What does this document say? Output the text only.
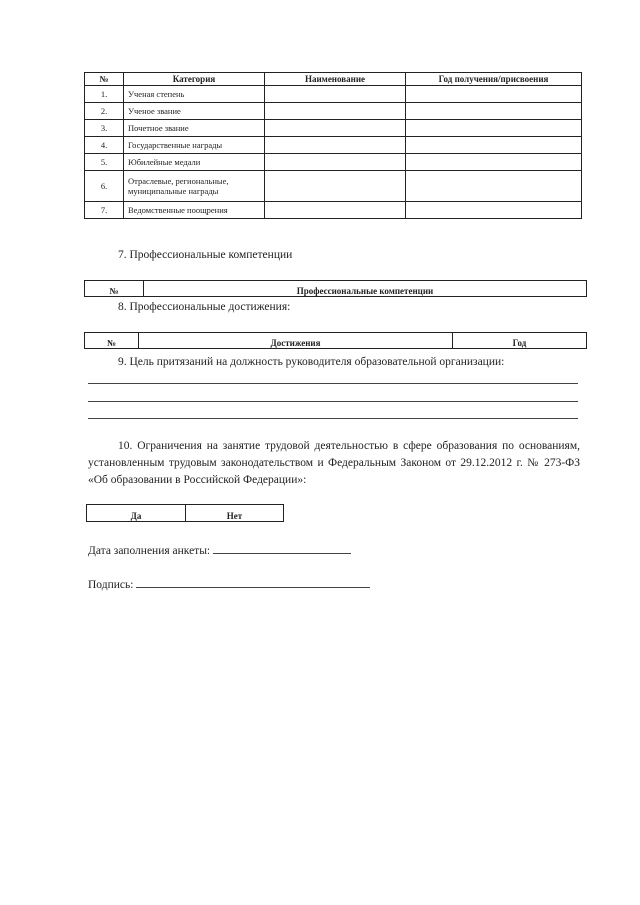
№	Категория	Наименование	Год получения/присвоения
1.	Ученая степень		
2.	Ученое звание		
3.	Почетное звание		
4.	Государственные награды		
5.	Юбилейные медали		
6.	Отраслевые, региональные, муниципальные награды		
7.	Ведомственные поощрения		
7. Профессиональные компетенции
№	Профессиональные компетенции
8. Профессиональные достижения:
№	Достижения	Год
9. Цель притязаний на должность руководителя образовательной организации:
10. Ограничения на занятие трудовой деятельностью в сфере образования по основаниям, установленным трудовым законодательством и Федеральным Законом от 29.12.2012 г. № 273-ФЗ «Об образовании в Российской Федерации»:
Да	Нет
Дата заполнения анкеты:
Подпись:
